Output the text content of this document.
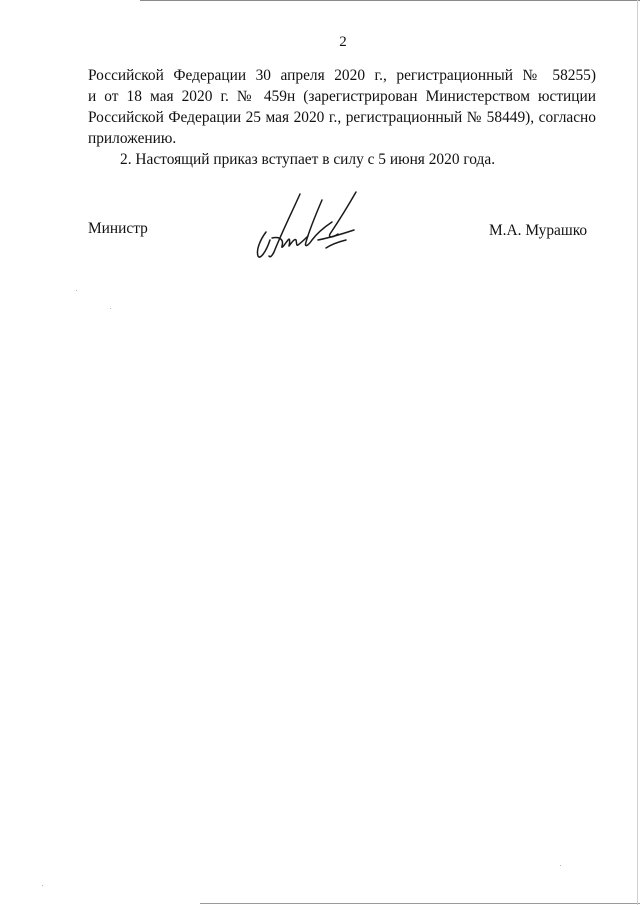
2
Российской Федерации 30 апреля 2020 г., регистрационный № 58255)
и от 18 мая 2020 г. № 459н (зарегистрирован Министерством юстиции
Российской Федерации 25 мая 2020 г., регистрационный № 58449), согласно
приложению.
2. Настоящий приказ вступает в силу с 5 июня 2020 года.
Министр	М.А. Мурашко
